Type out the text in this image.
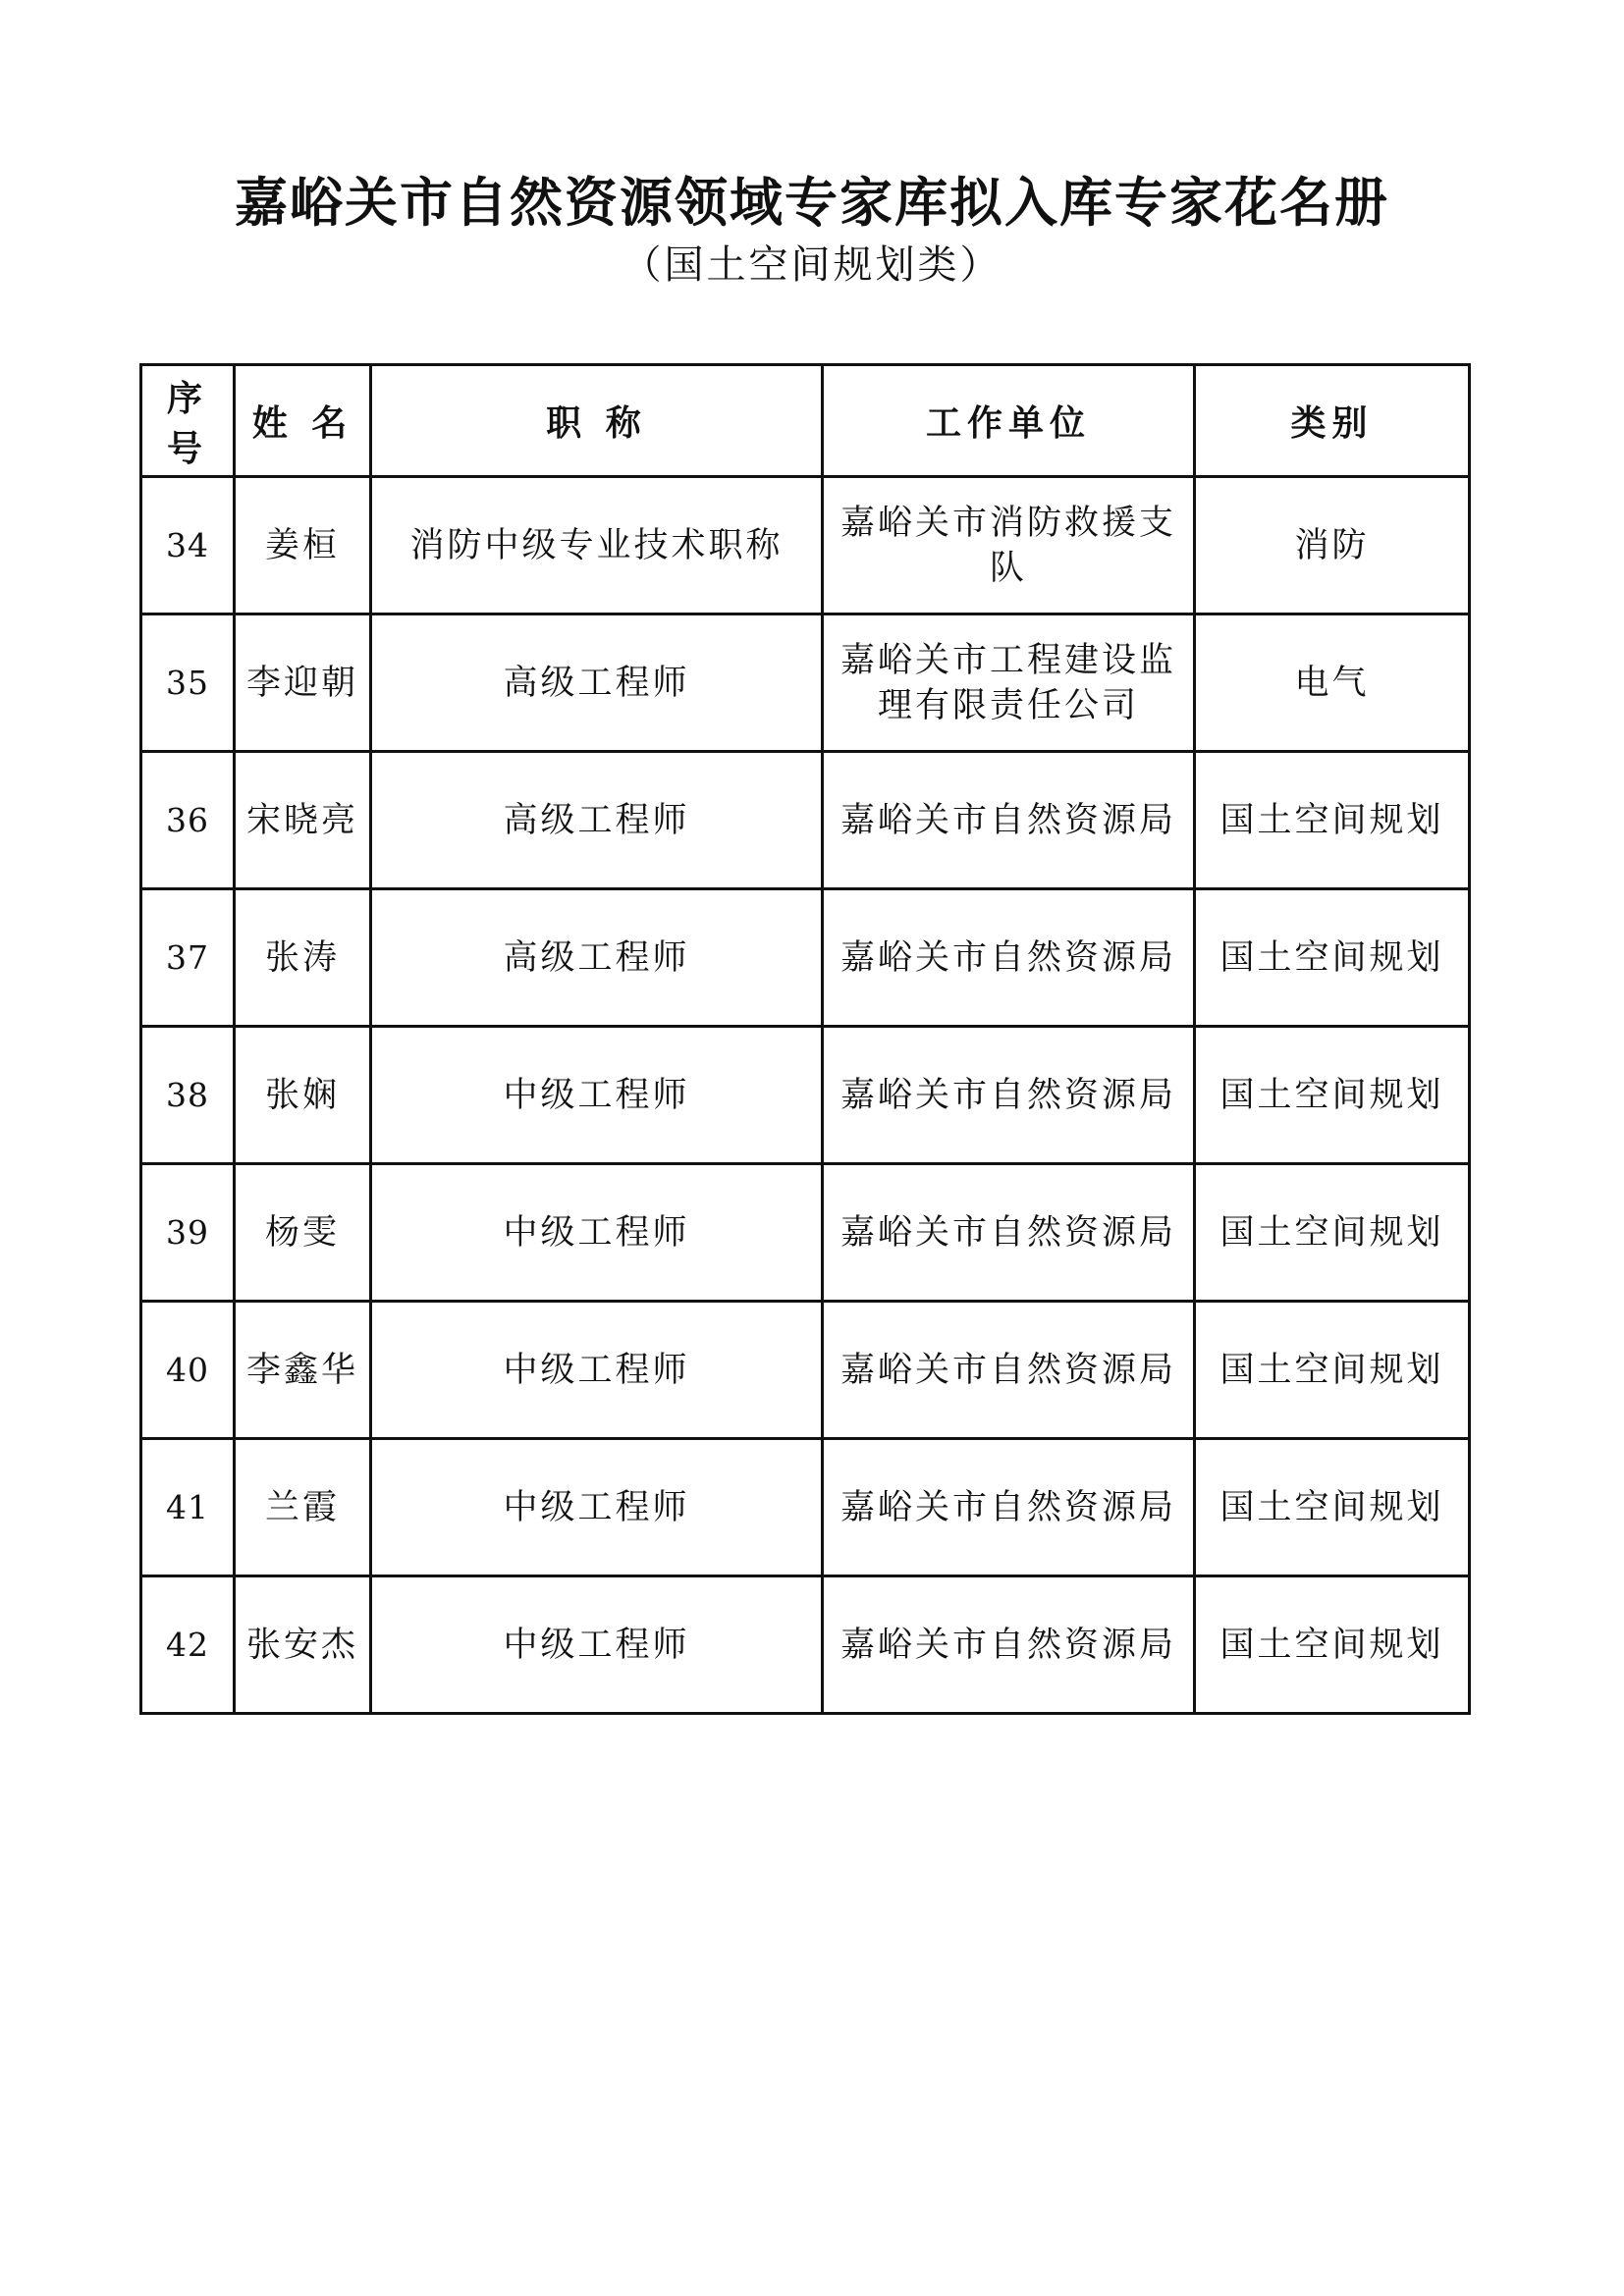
嘉峪关市自然资源领域专家库拟入库专家花名册
（国土空间规划类）
序号	姓 名	职 称	工作单位	类别
34	姜桓	消防中级专业技术职称	嘉峪关市消防救援支队	消防
35	李迎朝	高级工程师	嘉峪关市工程建设监理有限责任公司	电气
36	宋晓亮	高级工程师	嘉峪关市自然资源局	国土空间规划
37	张涛	高级工程师	嘉峪关市自然资源局	国土空间规划
38	张娴	中级工程师	嘉峪关市自然资源局	国土空间规划
39	杨雯	中级工程师	嘉峪关市自然资源局	国土空间规划
40	李鑫华	中级工程师	嘉峪关市自然资源局	国土空间规划
41	兰霞	中级工程师	嘉峪关市自然资源局	国土空间规划
42	张安杰	中级工程师	嘉峪关市自然资源局	国土空间规划
